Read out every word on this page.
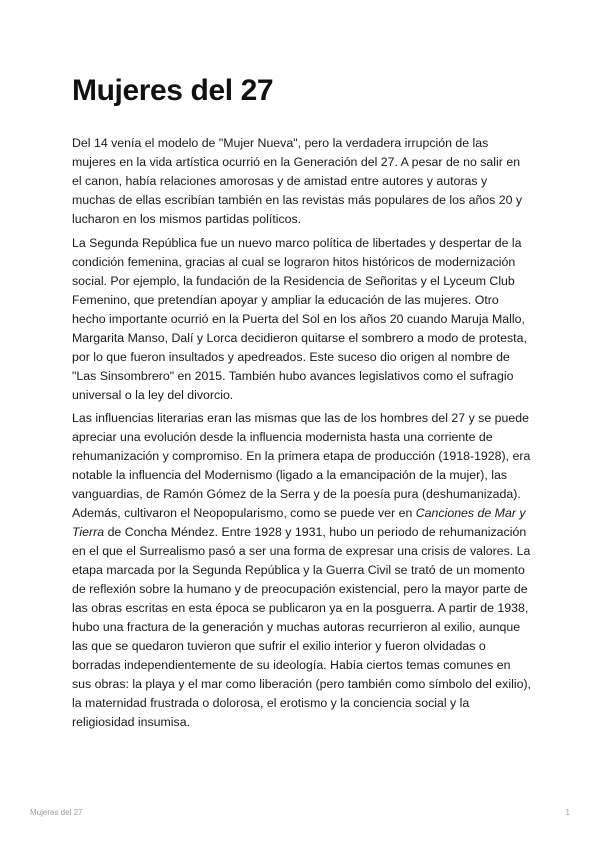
Mujeres del 27

Del 14 venía el modelo de "Mujer Nueva", pero la verdadera irrupción de las mujeres en la vida artística ocurrió en la Generación del 27. A pesar de no salir en el canon, había relaciones amorosas y de amistad entre autores y autoras y muchas de ellas escribían también en las revistas más populares de los años 20 y lucharon en los mismos partidas políticos.

La Segunda República fue un nuevo marco política de libertades y despertar de la condición femenina, gracias al cual se lograron hitos históricos de modernización social. Por ejemplo, la fundación de la Residencia de Señoritas y el Lyceum Club Femenino, que pretendían apoyar y ampliar la educación de las mujeres. Otro hecho importante ocurrió en la Puerta del Sol en los años 20 cuando Maruja Mallo, Margarita Manso, Dalí y Lorca decidieron quitarse el sombrero a modo de protesta, por lo que fueron insultados y apedreados. Este suceso dio origen al nombre de "Las Sinsombrero" en 2015. También hubo avances legislativos como el sufragio universal o la ley del divorcio.

Las influencias literarias eran las mismas que las de los hombres del 27 y se puede apreciar una evolución desde la influencia modernista hasta una corriente de rehumanización y compromiso. En la primera etapa de producción (1918-1928), era notable la influencia del Modernismo (ligado a la emancipación de la mujer), las vanguardias, de Ramón Gómez de la Serra y de la poesía pura (deshumanizada). Además, cultivaron el Neopopularismo, como se puede ver en Canciones de Mar y Tierra de Concha Méndez. Entre 1928 y 1931, hubo un periodo de rehumanización en el que el Surrealismo pasó a ser una forma de expresar una crisis de valores. La etapa marcada por la Segunda República y la Guerra Civil se trató de un momento de reflexión sobre la humano y de preocupación existencial, pero la mayor parte de las obras escritas en esta época se publicaron ya en la posguerra. A partir de 1938, hubo una fractura de la generación y muchas autoras recurrieron al exilio, aunque las que se quedaron tuvieron que sufrir el exilio interior y fueron olvidadas o borradas independientemente de su ideología. Había ciertos temas comunes en sus obras: la playa y el mar como liberación (pero también como símbolo del exilio), la maternidad frustrada o dolorosa, el erotismo y la conciencia social y la religiosidad insumisa.

Mujeres del 27	1
